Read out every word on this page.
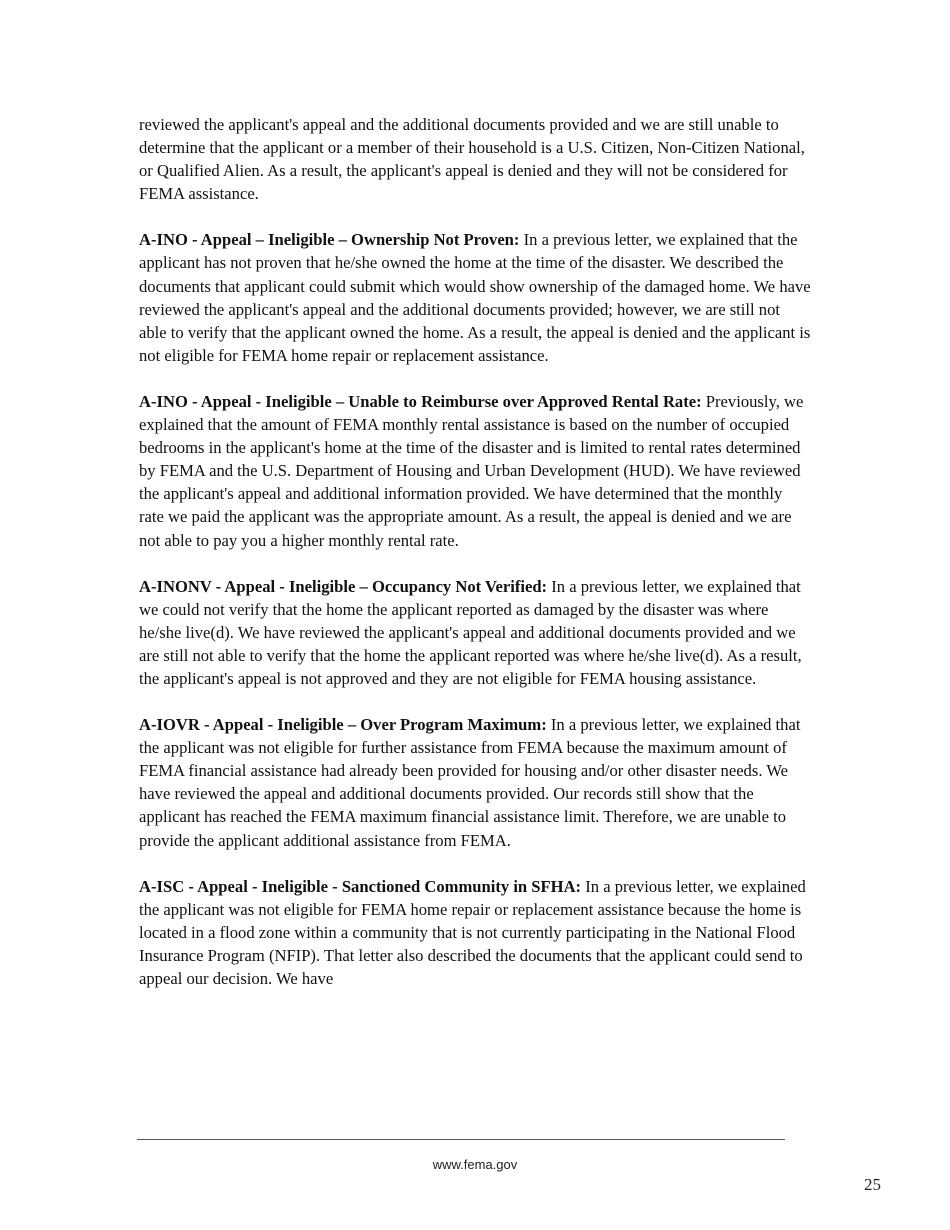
reviewed the applicant's appeal and the additional documents provided and we are still unable to determine that the applicant or a member of their household is a U.S. Citizen, Non-Citizen National, or Qualified Alien. As a result, the applicant's appeal is denied and they will not be considered for FEMA assistance.

A-INO - Appeal – Ineligible – Ownership Not Proven: In a previous letter, we explained that the applicant has not proven that he/she owned the home at the time of the disaster. We described the documents that applicant could submit which would show ownership of the damaged home. We have reviewed the applicant's appeal and the additional documents provided; however, we are still not able to verify that the applicant owned the home. As a result, the appeal is denied and the applicant is not eligible for FEMA home repair or replacement assistance.

A-INO - Appeal - Ineligible – Unable to Reimburse over Approved Rental Rate: Previously, we explained that the amount of FEMA monthly rental assistance is based on the number of occupied bedrooms in the applicant's home at the time of the disaster and is limited to rental rates determined by FEMA and the U.S. Department of Housing and Urban Development (HUD). We have reviewed the applicant's appeal and additional information provided. We have determined that the monthly rate we paid the applicant was the appropriate amount. As a result, the appeal is denied and we are not able to pay you a higher monthly rental rate.

A-INONV - Appeal - Ineligible – Occupancy Not Verified: In a previous letter, we explained that we could not verify that the home the applicant reported as damaged by the disaster was where he/she live(d). We have reviewed the applicant's appeal and additional documents provided and we are still not able to verify that the home the applicant reported was where he/she live(d). As a result, the applicant's appeal is not approved and they are not eligible for FEMA housing assistance.

A-IOVR - Appeal - Ineligible – Over Program Maximum: In a previous letter, we explained that the applicant was not eligible for further assistance from FEMA because the maximum amount of FEMA financial assistance had already been provided for housing and/or other disaster needs. We have reviewed the appeal and additional documents provided. Our records still show that the applicant has reached the FEMA maximum financial assistance limit. Therefore, we are unable to provide the applicant additional assistance from FEMA.

A-ISC - Appeal - Ineligible - Sanctioned Community in SFHA: In a previous letter, we explained the applicant was not eligible for FEMA home repair or replacement assistance because the home is located in a flood zone within a community that is not currently participating in the National Flood Insurance Program (NFIP). That letter also described the documents that the applicant could send to appeal our decision. We have

www.fema.gov
25
